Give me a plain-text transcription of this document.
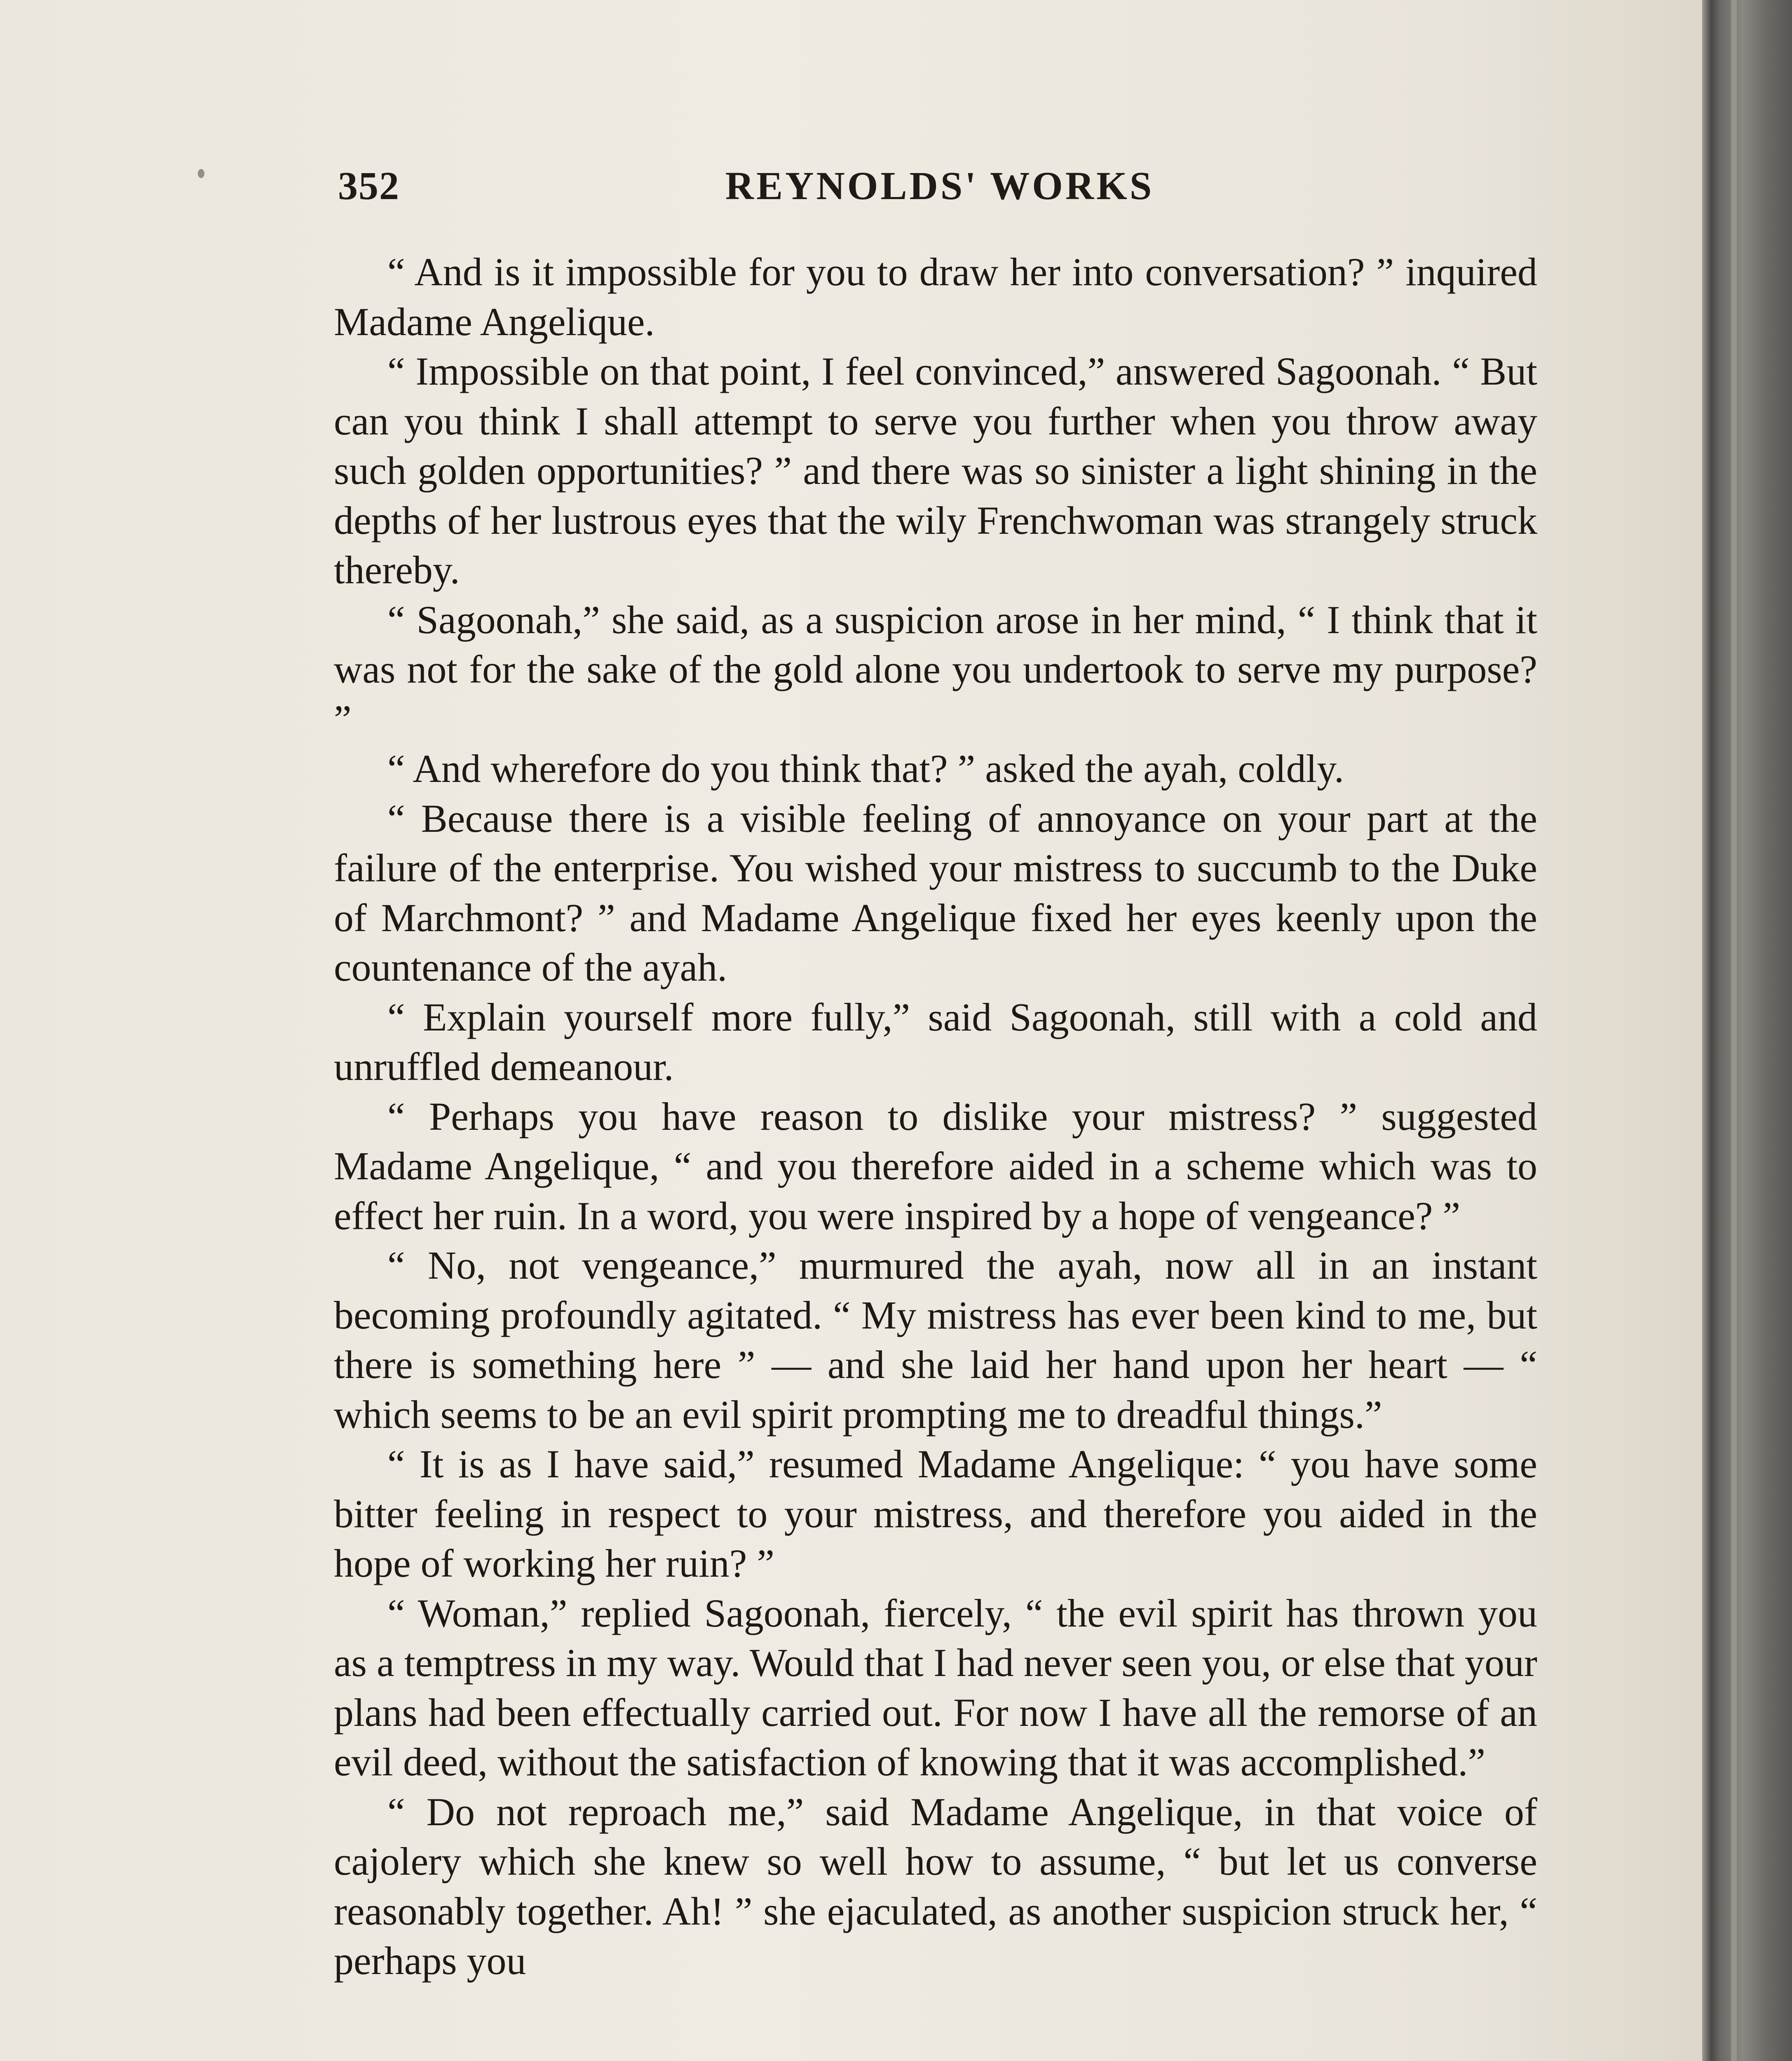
352	REYNOLDS' WORKS

“ And is it impossible for you to draw her into conversation? ” inquired Madame Angelique.

“ Impossible on that point, I feel convinced,” answered Sagoonah. “ But can you think I shall attempt to serve you further when you throw away such golden opportunities? ” and there was so sinister a light shining in the depths of her lustrous eyes that the wily Frenchwoman was strangely struck thereby.

“ Sagoonah,” she said, as a suspicion arose in her mind, “ I think that it was not for the sake of the gold alone you undertook to serve my purpose? ”

“ And wherefore do you think that? ” asked the ayah, coldly.

“ Because there is a visible feeling of annoyance on your part at the failure of the enterprise. You wished your mistress to succumb to the Duke of Marchmont? ” and Madame Angelique fixed her eyes keenly upon the countenance of the ayah.

“ Explain yourself more fully,” said Sagoonah, still with a cold and unruffled demeanour.

“ Perhaps you have reason to dislike your mistress? ” suggested Madame Angelique, “ and you therefore aided in a scheme which was to effect her ruin. In a word, you were inspired by a hope of vengeance? ”

“ No, not vengeance,” murmured the ayah, now all in an instant becoming profoundly agitated. “ My mistress has ever been kind to me, but there is something here ” — and she laid her hand upon her heart — “ which seems to be an evil spirit prompting me to dreadful things.”

“ It is as I have said,” resumed Madame Angelique: “ you have some bitter feeling in respect to your mistress, and therefore you aided in the hope of working her ruin? ”

“ Woman,” replied Sagoonah, fiercely, “ the evil spirit has thrown you as a temptress in my way. Would that I had never seen you, or else that your plans had been effectually carried out. For now I have all the remorse of an evil deed, without the satisfaction of knowing that it was accomplished.”

“ Do not reproach me,” said Madame Angelique, in that voice of cajolery which she knew so well how to assume, “ but let us converse reasonably together. Ah! ” she ejaculated, as another suspicion struck her, “ perhaps you
